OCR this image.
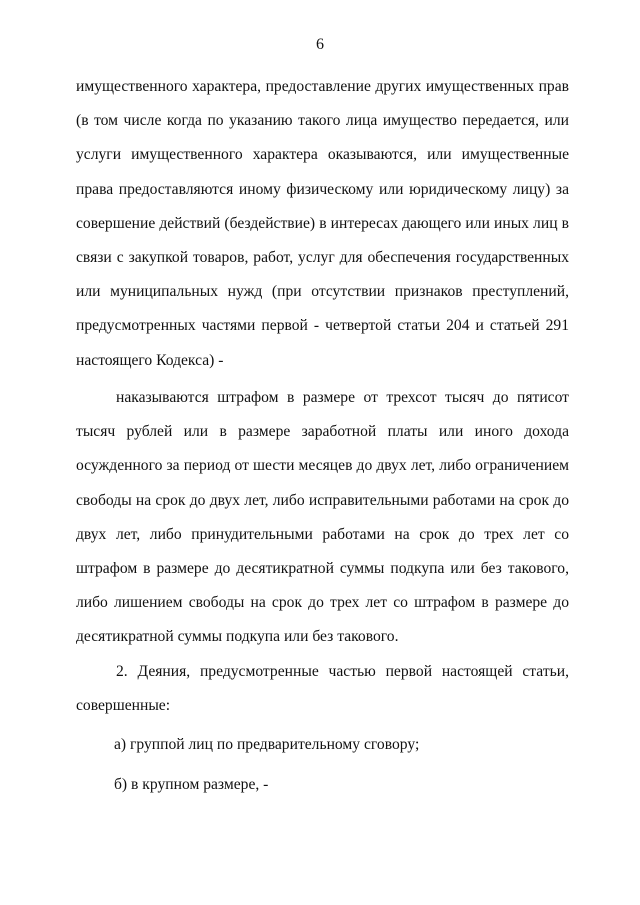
6

имущественного характера, предоставление других имущественных прав (в том числе когда по указанию такого лица имущество передается, или услуги имущественного характера оказываются, или имущественные права предоставляются иному физическому или юридическому лицу) за совершение действий (бездействие) в интересах дающего или иных лиц в связи с закупкой товаров, работ, услуг для обеспечения государственных или муниципальных нужд (при отсутствии признаков преступлений, предусмотренных частями первой - четвертой статьи 204 и статьей 291 настоящего Кодекса) -

наказываются штрафом в размере от трехсот тысяч до пятисот тысяч рублей или в размере заработной платы или иного дохода осужденного за период от шести месяцев до двух лет, либо ограничением свободы на срок до двух лет, либо исправительными работами на срок до двух лет, либо принудительными работами на срок до трех лет со штрафом в размере до десятикратной суммы подкупа или без такового, либо лишением свободы на срок до трех лет со штрафом в размере до десятикратной суммы подкупа или без такового.

2. Деяния, предусмотренные частью первой настоящей статьи, совершенные:

а) группой лиц по предварительному сговору;

б) в крупном размере, -
